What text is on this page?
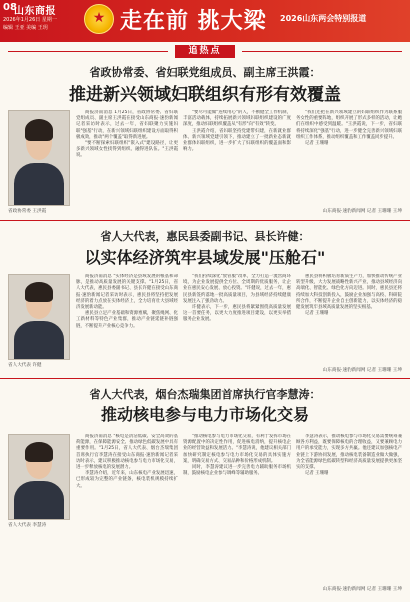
08
山东商报
2026年1月26日 星期一
编辑 王亚 美编 王玥
★	走在前 挑大梁 2026山东两会特别报道
追热点
省政协常委、省妇联党组成员、副主席王洪霞：
推进新兴领域妇联组织有形有效覆盖
省政协常委 王洪霞

商报济南消息 1月25日，省政协常委、省妇联党组成员、副主席王洪霞在接受山东商报·速豹新闻记者采访时表示，过去一年，省妇联聚力实施妇联"强基"行动，在新兴领域妇联组织建设方面取得积极成效，推动"两个覆盖"取得新进展。

"要不断探索妇联组织"嵌入式"建设路径，让更多新兴领域女性找得到组织、融得进队伍。"王洪霞说。

"要尽可能做"连续用心"的人，不断健全工作机制，丰富活动载体，持续拓展新兴领域妇联组织建设的广度深度，推动妇联组织覆盖从"有形"向"有效"转变。

王洪霞介绍，省妇联坚持党建带妇建，在新就业群体、新兴领域党建引领下，推动建立了一批新业态新就业群体妇联组织，进一步扩大了妇联组织的覆盖面和影响力。

"我们还把在新兴领域建立的妇联组织作为联系服务女性的重要阵地，组织开展了形式多样的活动，让她们在组织中感受到温暖。"王洪霞说，下一步，省妇联将持续深化"强基"行动，进一步健全完善新兴领域妇联组织工作体系，推动组织覆盖和工作覆盖同步提升。

记者 王珊珊

山东商报·速豹新闻网 记者 王珊珊 王坤
省人大代表，惠民县委副书记、县长许健：
以实体经济筑牢县域发展"压舱石"
省人大代表 许健

商报济南消息 "实体经济是县域发展的根基和命脉，是推动高质量发展的关键支撑。"1月25日，省人大代表，惠民县委副书记、县长许健在接受山东商报·速豹新闻记者采访时表示，惠民县将坚持把发展经济的着力点放在实体经济上，全力培育壮大县域经济发展新动能。

惠民县立足产业基础和资源禀赋，聚焦绳网、化工新材料等特色产业集群，推动产业链延链补链强链，不断提升产业核心竞争力。

"我们持续深化"放管服"改革，全力打造一流营商环境，为企业发展提供全方位、全周期的优质服务，让企业在惠民安心发展、放心投资。"许健说，过去一年，惠民县新签约落地一批高质量项目，为县域经济持续健康发展注入了强劲动力。

许健表示，下一步，惠民县将紧紧围绕高质量发展这一首要任务，以更大力度推进项目建设，以更实举措服务企业发展。

惠民县将积极培育新质生产力，加快推动传统产业转型升级，大力发展战略性新兴产业，推动县域经济向高端化、智能化、绿色化方向迈进。同时，惠民县还将持续加大科技创新投入，鼓励企业加强与高校、科研院所合作，不断提升企业自主创新能力，以实体经济的稳健发展筑牢县域高质量发展的坚实根基。

记者 王珊珊

山东商报·速豹新闻网 记者 王珊珊 王坤
省人大代表，烟台杰瑞集团首席执行官李慧涛：
推动核电参与电力市场化交易
省人大代表 李慧涛

商报济南消息 "核电是清洁低碳、安全高效的基荷能源，在保障能源安全、推动绿色低碳发展中具有重要作用。"1月25日，省人大代表、烟台杰瑞集团首席执行官李慧涛在接受山东商报·速豹新闻记者采访时表示，建议积极推动核电参与电力市场化交易，进一步释放核电的发展潜力。

李慧涛介绍，近年来，山东核电产业发展迅速，已形成较为完整的产业链条，核电装机规模持续扩大。

"推动核电参与电力市场化交易，有利于发挥市场在资源配置中的决定性作用，促进核电消纳，提升核电企业的经营效益和发展活力。"李慧涛说，他建议相关部门加快研究制定核电参与电力市场化交易的具体实施方案，明确交易方式、交易品种和价格形成机制。

同时，李慧涛建议进一步完善电力辅助服务市场机制，鼓励核电企业参与调峰等辅助服务。

李慧涛表示，推动核电参与市场化交易需要统筹兼顾各方利益，既要保障核电的合理收益，又要兼顾电力用户的承受能力，实现多方共赢。他还建议加强核电产业链上下游协同发展，推动核电装备制造业做大做强，为全省能源绿色低碳转型和经济高质量发展提供更加坚实的支撑。

记者 王珊珊

山东商报·速豹新闻网 记者 王珊珊 王坤
